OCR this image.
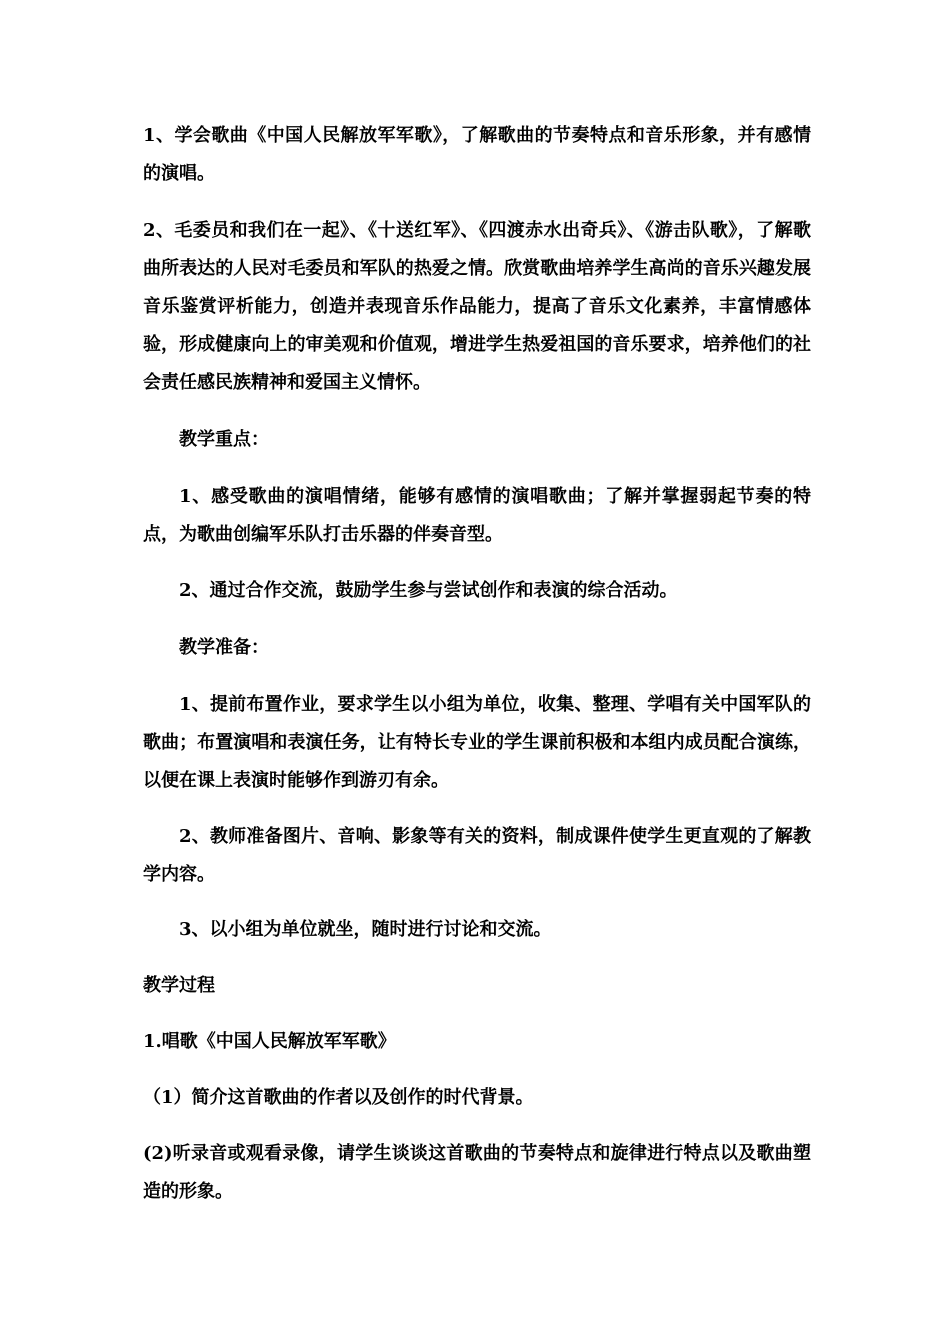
1、学会歌曲《中国人民解放军军歌》，了解歌曲的节奏特点和音乐形象，并有感情的演唱。

2、毛委员和我们在一起》、《十送红军》、《四渡赤水出奇兵》、《游击队歌》，了解歌曲所表达的人民对毛委员和军队的热爱之情。欣赏歌曲培养学生高尚的音乐兴趣发展音乐鉴赏评析能力，创造并表现音乐作品能力，提高了音乐文化素养，丰富情感体验，形成健康向上的审美观和价值观，增进学生热爱祖国的音乐要求，培养他们的社会责任感民族精神和爱国主义情怀。

教学重点：

1、感受歌曲的演唱情绪，能够有感情的演唱歌曲；了解并掌握弱起节奏的特点，为歌曲创编军乐队打击乐器的伴奏音型。

2、通过合作交流，鼓励学生参与尝试创作和表演的综合活动。

教学准备：

1、提前布置作业，要求学生以小组为单位，收集、整理、学唱有关中国军队的歌曲；布置演唱和表演任务，让有特长专业的学生课前积极和本组内成员配合演练，以便在课上表演时能够作到游刃有余。

2、教师准备图片、音响、影象等有关的资料，制成课件使学生更直观的了解教学内容。

3、以小组为单位就坐，随时进行讨论和交流。

教学过程

1.唱歌《中国人民解放军军歌》

（1）简介这首歌曲的作者以及创作的时代背景。

(2)听录音或观看录像，请学生谈谈这首歌曲的节奏特点和旋律进行特点以及歌曲塑造的形象。
